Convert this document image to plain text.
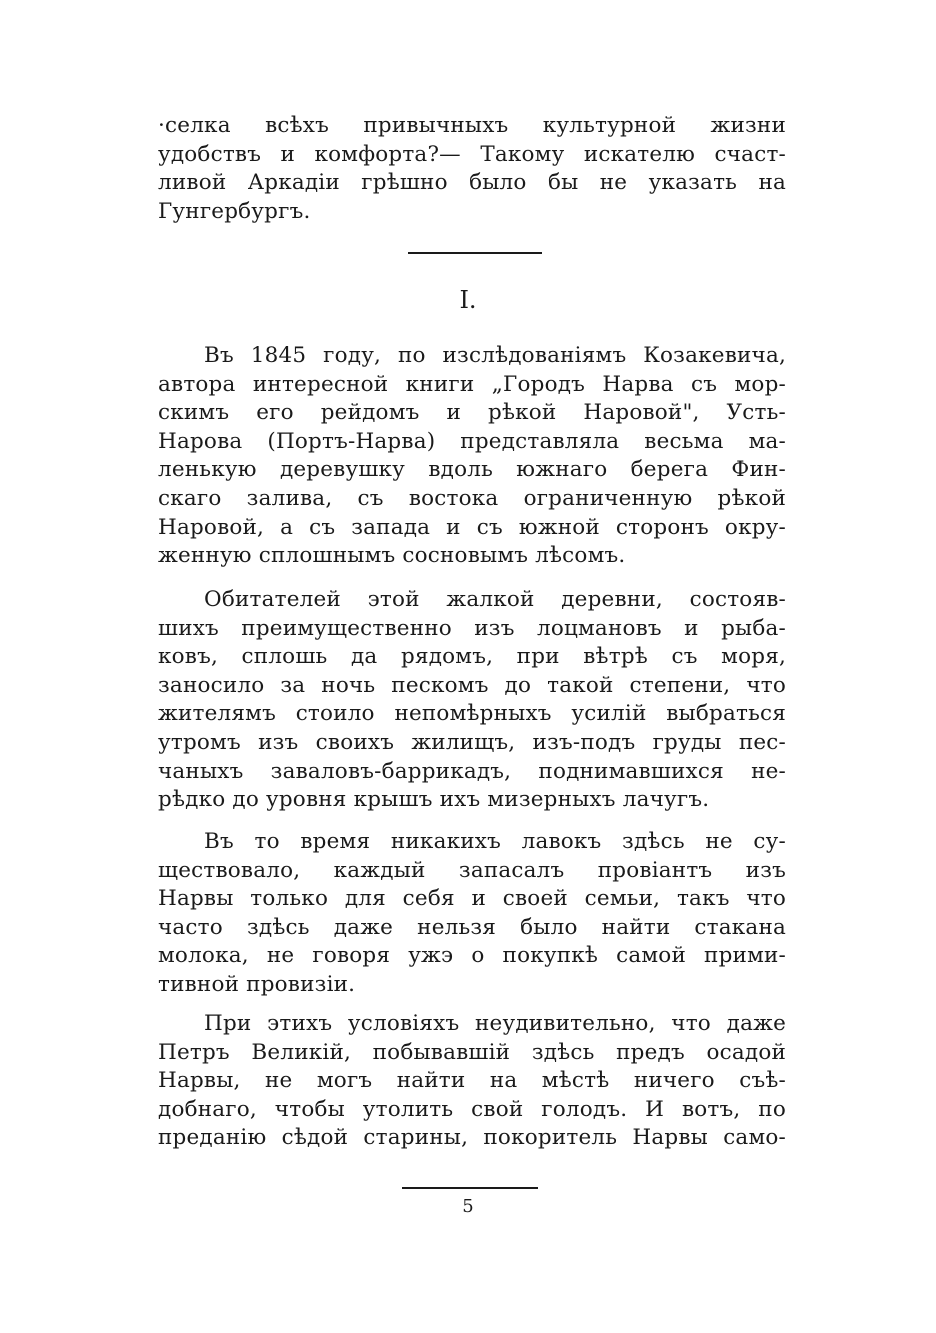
·селка всѣхъ привычныхъ культурной жизни
удобствъ и комфорта?— Такому искателю счаст-
ливой Аркадіи грѣшно было бы не указать на
Гунгербургъ.
I.
Въ 1845 году, по изслѣдованіямъ Козакевича,
автора интересной книги „Городъ Нарва съ мор-
скимъ его рейдомъ и рѣкой Наровой", Усть-
Нарова (Портъ-Нарва) представляла весьма ма-
ленькую деревушку вдоль южнаго берега Фин-
скаго залива, съ востока ограниченную рѣкой
Наровой, а съ запада и съ южной сторонъ окру-
женную сплошнымъ сосновымъ лѣсомъ.
Обитателей этой жалкой деревни, состояв-
шихъ преимущественно изъ лоцмановъ и рыба-
ковъ, сплошь да рядомъ, при вѣтрѣ съ моря,
заносило за ночь пескомъ до такой степени, что
жителямъ стоило непомѣрныхъ усилій выбраться
утромъ изъ своихъ жилищъ, изъ-подъ груды пес-
чаныхъ заваловъ-баррикадъ, поднимавшихся не-
рѣдко до уровня крышъ ихъ мизерныхъ лачугъ.
Въ то время никакихъ лавокъ здѣсь не су-
ществовало, каждый запасалъ провіантъ изъ
Нарвы только для себя и своей семьи, такъ что
часто здѣсь даже нельзя было найти стакана
молока, не говоря ужэ о покупкѣ самой прими-
тивной провизіи.
При этихъ условіяхъ неудивительно, что даже
Петръ Великій, побывавшій здѣсь предъ осадой
Нарвы, не могъ найти на мѣстѣ ничего съѣ-
добнаго, чтобы утолить свой голодъ. И вотъ, по
преданію сѣдой старины, покоритель Нарвы само-
5
